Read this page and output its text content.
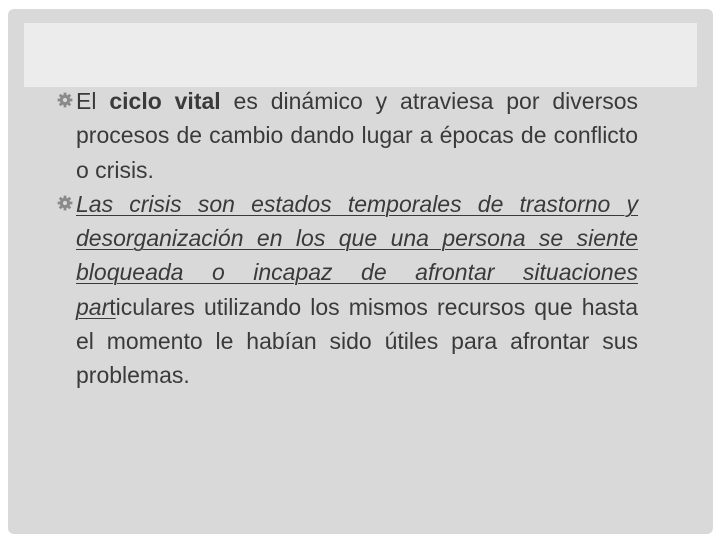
El ciclo vital es dinámico y atraviesa por diversos procesos de cambio dando lugar a épocas de conflicto o crisis.

Las crisis son estados temporales de trastorno y desorganización en los que una persona se siente bloqueada o incapaz de afrontar situaciones particulares utilizando los mismos recursos que hasta el momento le habían sido útiles para afrontar sus problemas.
